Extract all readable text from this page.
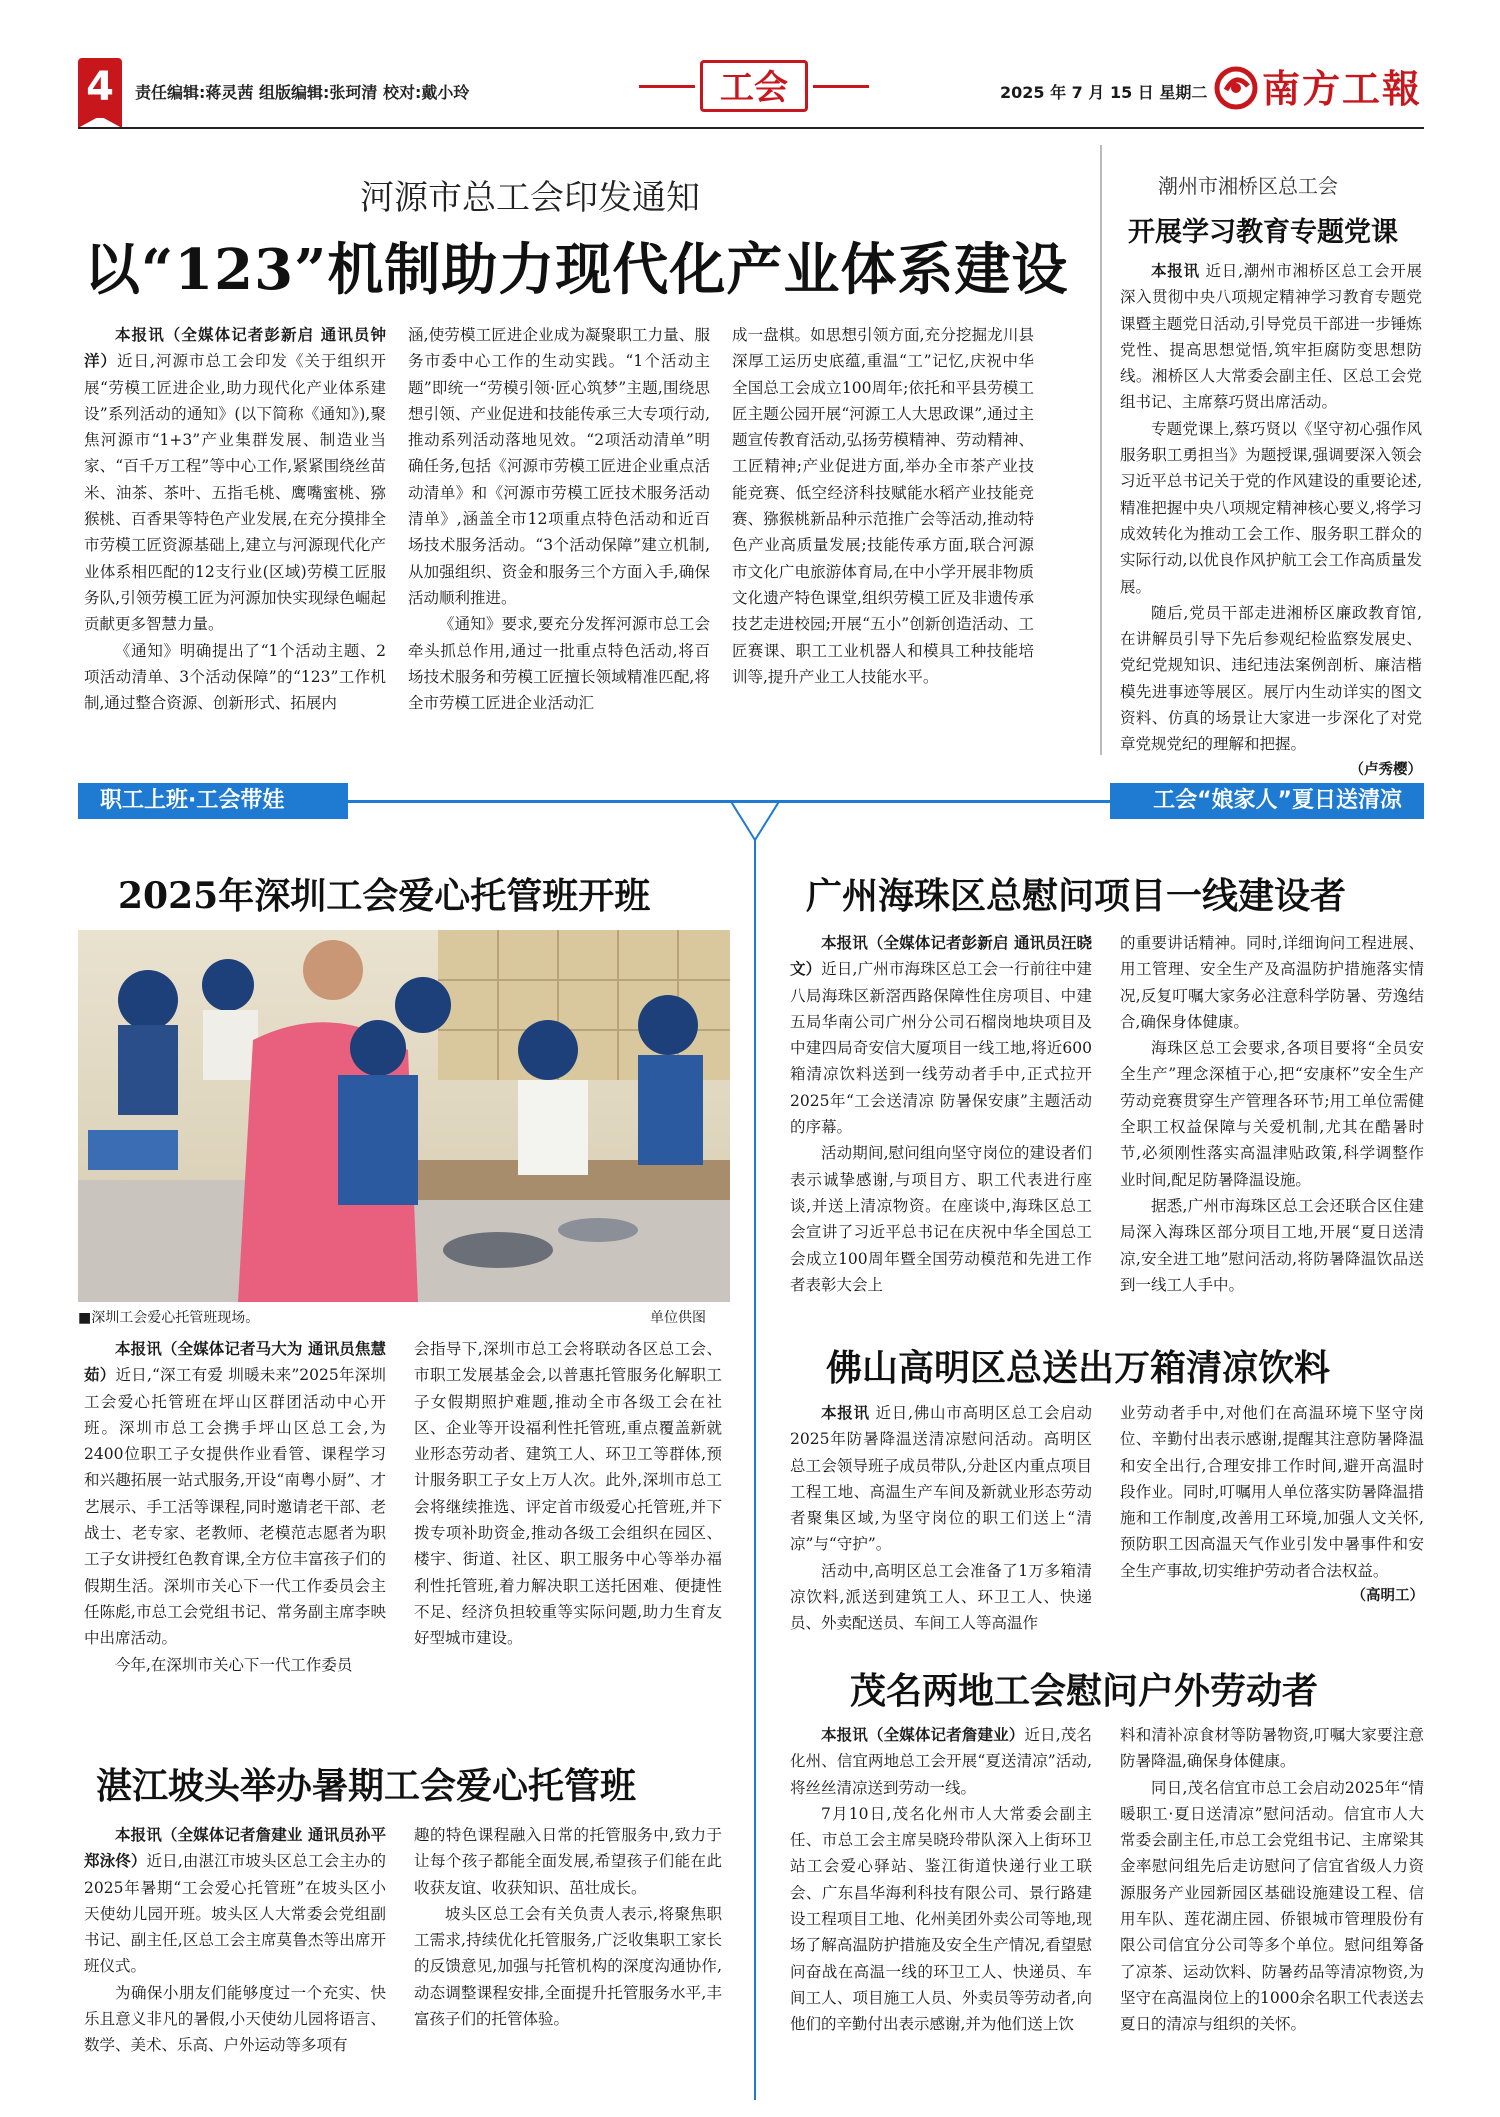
4	责任编辑:蒋灵茜 组版编辑:张珂清 校对:戴小玲	工会	2025 年 7 月 15 日 星期二 南方工報
河源市总工会印发通知
以“123”机制助力现代化产业体系建设

本报讯（全媒体记者彭新启 通讯员钟洋）近日,河源市总工会印发《关于组织开展“劳模工匠进企业,助力现代化产业体系建设”系列活动的通知》(以下简称《通知》),聚焦河源市“1+3”产业集群发展、制造业当家、“百千万工程”等中心工作,紧紧围绕丝苗米、油茶、茶叶、五指毛桃、鹰嘴蜜桃、猕猴桃、百香果等特色产业发展,在充分摸排全市劳模工匠资源基础上,建立与河源现代化产业体系相匹配的12支行业(区域)劳模工匠服务队,引领劳模工匠为河源加快实现绿色崛起贡献更多智慧力量。

《通知》明确提出了“1个活动主题、2项活动清单、3个活动保障”的“123”工作机制,通过整合资源、创新形式、拓展内

涵,使劳模工匠进企业成为凝聚职工力量、服务市委中心工作的生动实践。“1个活动主题”即统一“劳模引领·匠心筑梦”主题,围绕思想引领、产业促进和技能传承三大专项行动,推动系列活动落地见效。“2项活动清单”明确任务,包括《河源市劳模工匠进企业重点活动清单》和《河源市劳模工匠技术服务活动清单》,涵盖全市12项重点特色活动和近百场技术服务活动。“3个活动保障”建立机制,从加强组织、资金和服务三个方面入手,确保活动顺利推进。

《通知》要求,要充分发挥河源市总工会牵头抓总作用,通过一批重点特色活动,将百场技术服务和劳模工匠擅长领域精准匹配,将全市劳模工匠进企业活动汇

成一盘棋。如思想引领方面,充分挖掘龙川县深厚工运历史底蕴,重温“工”记忆,庆祝中华全国总工会成立100周年;依托和平县劳模工匠主题公园开展“河源工人大思政课”,通过主题宣传教育活动,弘扬劳模精神、劳动精神、工匠精神;产业促进方面,举办全市茶产业技能竞赛、低空经济科技赋能水稻产业技能竞赛、猕猴桃新品种示范推广会等活动,推动特色产业高质量发展;技能传承方面,联合河源市文化广电旅游体育局,在中小学开展非物质文化遗产特色课堂,组织劳模工匠及非遗传承技艺走进校园;开展“五小”创新创造活动、工匠赛课、职工工业机器人和模具工种技能培训等,提升产业工人技能水平。

潮州市湘桥区总工会
开展学习教育专题党课

本报讯 近日,潮州市湘桥区总工会开展深入贯彻中央八项规定精神学习教育专题党课暨主题党日活动,引导党员干部进一步锤炼党性、提高思想觉悟,筑牢拒腐防变思想防线。湘桥区人大常委会副主任、区总工会党组书记、主席蔡巧贤出席活动。

专题党课上,蔡巧贤以《坚守初心强作风 服务职工勇担当》为题授课,强调要深入领会习近平总书记关于党的作风建设的重要论述,精准把握中央八项规定精神核心要义,将学习成效转化为推动工会工作、服务职工群众的实际行动,以优良作风护航工会工作高质量发展。

随后,党员干部走进湘桥区廉政教育馆,在讲解员引导下先后参观纪检监察发展史、党纪党规知识、违纪违法案例剖析、廉洁楷模先进事迹等展区。展厅内生动详实的图文资料、仿真的场景让大家进一步深化了对党章党规党纪的理解和把握。

（卢秀樱）
职工上班·工会带娃	工会“娘家人”夏日送清凉
2025年深圳工会爱心托管班开班
■深圳工会爱心托管班现场。	单位供图

本报讯（全媒体记者马大为 通讯员焦慧茹）近日,“深工有爱 圳暖未来”2025年深圳工会爱心托管班在坪山区群团活动中心开班。深圳市总工会携手坪山区总工会,为2400位职工子女提供作业看管、课程学习和兴趣拓展一站式服务,开设“南粤小厨”、才艺展示、手工活等课程,同时邀请老干部、老战士、老专家、老教师、老模范志愿者为职工子女讲授红色教育课,全方位丰富孩子们的假期生活。深圳市关心下一代工作委员会主任陈彪,市总工会党组书记、常务副主席李映中出席活动。

今年,在深圳市关心下一代工作委员

会指导下,深圳市总工会将联动各区总工会、市职工发展基金会,以普惠托管服务化解职工子女假期照护难题,推动全市各级工会在社区、企业等开设福利性托管班,重点覆盖新就业形态劳动者、建筑工人、环卫工等群体,预计服务职工子女上万人次。此外,深圳市总工会将继续推选、评定首市级爱心托管班,并下拨专项补助资金,推动各级工会组织在园区、楼宇、街道、社区、职工服务中心等举办福利性托管班,着力解决职工送托困难、便捷性不足、经济负担较重等实际问题,助力生育友好型城市建设。

湛江坡头举办暑期工会爱心托管班

本报讯（全媒体记者詹建业 通讯员孙平 郑泳佟）近日,由湛江市坡头区总工会主办的2025年暑期“工会爱心托管班”在坡头区小天使幼儿园开班。坡头区人大常委会党组副书记、副主任,区总工会主席莫鲁杰等出席开班仪式。

为确保小朋友们能够度过一个充实、快乐且意义非凡的暑假,小天使幼儿园将语言、数学、美术、乐高、户外运动等多项有

趣的特色课程融入日常的托管服务中,致力于让每个孩子都能全面发展,希望孩子们能在此收获友谊、收获知识、茁壮成长。

坡头区总工会有关负责人表示,将聚焦职工需求,持续优化托管服务,广泛收集职工家长的反馈意见,加强与托管机构的深度沟通协作,动态调整课程安排,全面提升托管服务水平,丰富孩子们的托管体验。

广州海珠区总慰问项目一线建设者

本报讯（全媒体记者彭新启 通讯员汪晓文）近日,广州市海珠区总工会一行前往中建八局海珠区新滘西路保障性住房项目、中建五局华南公司广州分公司石榴岗地块项目及中建四局奇安信大厦项目一线工地,将近600箱清凉饮料送到一线劳动者手中,正式拉开2025年“工会送清凉 防暑保安康”主题活动的序幕。

活动期间,慰问组向坚守岗位的建设者们表示诚挚感谢,与项目方、职工代表进行座谈,并送上清凉物资。在座谈中,海珠区总工会宣讲了习近平总书记在庆祝中华全国总工会成立100周年暨全国劳动模范和先进工作者表彰大会上

的重要讲话精神。同时,详细询问工程进展、用工管理、安全生产及高温防护措施落实情况,反复叮嘱大家务必注意科学防暑、劳逸结合,确保身体健康。

海珠区总工会要求,各项目要将“全员安全生产”理念深植于心,把“安康杯”安全生产劳动竞赛贯穿生产管理各环节;用工单位需健全职工权益保障与关爱机制,尤其在酷暑时节,必须刚性落实高温津贴政策,科学调整作业时间,配足防暑降温设施。

据悉,广州市海珠区总工会还联合区住建局深入海珠区部分项目工地,开展“夏日送清凉,安全进工地”慰问活动,将防暑降温饮品送到一线工人手中。

佛山高明区总送出万箱清凉饮料

本报讯 近日,佛山市高明区总工会启动2025年防暑降温送清凉慰问活动。高明区总工会领导班子成员带队,分赴区内重点项目工程工地、高温生产车间及新就业形态劳动者聚集区域,为坚守岗位的职工们送上“清凉”与“守护”。

活动中,高明区总工会准备了1万多箱清凉饮料,派送到建筑工人、环卫工人、快递员、外卖配送员、车间工人等高温作

业劳动者手中,对他们在高温环境下坚守岗位、辛勤付出表示感谢,提醒其注意防暑降温和安全出行,合理安排工作时间,避开高温时段作业。同时,叮嘱用人单位落实防暑降温措施和工作制度,改善用工环境,加强人文关怀,预防职工因高温天气作业引发中暑事件和安全生产事故,切实维护劳动者合法权益。

（高明工）
茂名两地工会慰问户外劳动者

本报讯（全媒体记者詹建业）近日,茂名化州、信宜两地总工会开展“夏送清凉”活动,将丝丝清凉送到劳动一线。

7月10日,茂名化州市人大常委会副主任、市总工会主席吴晓玲带队深入上街环卫站工会爱心驿站、鉴江街道快递行业工联会、广东昌华海利科技有限公司、景行路建设工程项目工地、化州美团外卖公司等地,现场了解高温防护措施及安全生产情况,看望慰问奋战在高温一线的环卫工人、快递员、车间工人、项目施工人员、外卖员等劳动者,向他们的辛勤付出表示感谢,并为他们送上饮

料和清补凉食材等防暑物资,叮嘱大家要注意防暑降温,确保身体健康。

同日,茂名信宜市总工会启动2025年“情暖职工·夏日送清凉”慰问活动。信宜市人大常委会副主任,市总工会党组书记、主席梁其金率慰问组先后走访慰问了信宜省级人力资源服务产业园新园区基础设施建设工程、信用车队、莲花湖庄园、侨银城市管理股份有限公司信宜分公司等多个单位。慰问组筹备了凉茶、运动饮料、防暑药品等清凉物资,为坚守在高温岗位上的1000余名职工代表送去夏日的清凉与组织的关怀。
